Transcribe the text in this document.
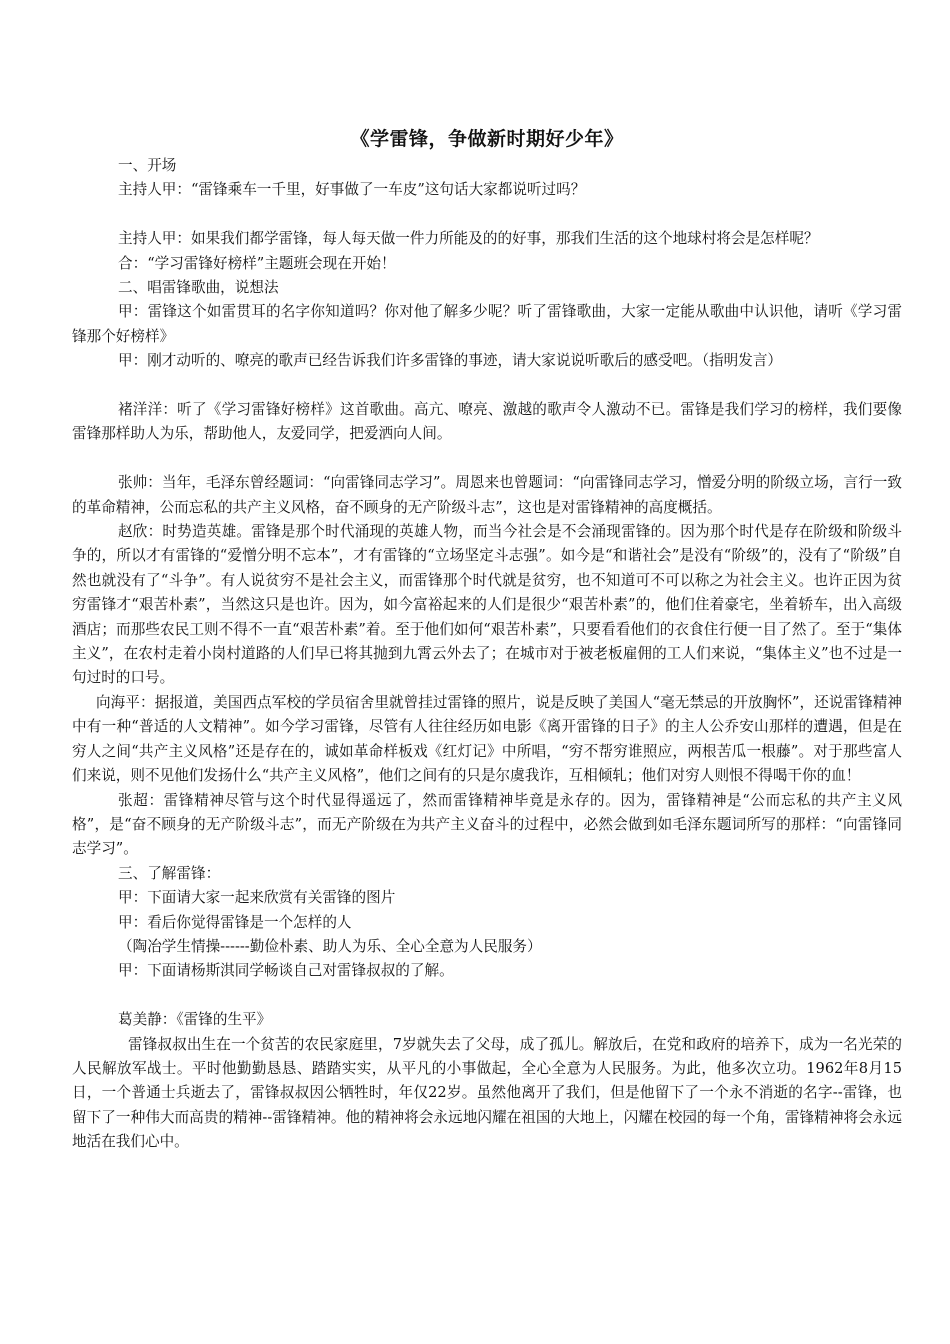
《学雷锋，争做新时期好少年》

一、开场

主持人甲：“雷锋乘车一千里，好事做了一车皮”这句话大家都说听过吗？

主持人甲：如果我们都学雷锋，每人每天做一件力所能及的的好事，那我们生活的这个地球村将会是怎样呢？

合：“学习雷锋好榜样”主题班会现在开始！

二、唱雷锋歌曲，说想法

甲：雷锋这个如雷贯耳的名字你知道吗？你对他了解多少呢？听了雷锋歌曲，大家一定能从歌曲中认识他，请听《学习雷锋那个好榜样》

甲：刚才动听的、嘹亮的歌声已经告诉我们许多雷锋的事迹，请大家说说听歌后的感受吧。（指明发言）

褚洋洋：听了《学习雷锋好榜样》这首歌曲。高亢、嘹亮、激越的歌声令人激动不已。雷锋是我们学习的榜样，我们要像雷锋那样助人为乐，帮助他人，友爱同学，把爱洒向人间。

张帅：当年，毛泽东曾经题词：“向雷锋同志学习”。周恩来也曾题词：“向雷锋同志学习，憎爱分明的阶级立场，言行一致的革命精神，公而忘私的共产主义风格，奋不顾身的无产阶级斗志”，这也是对雷锋精神的高度概括。

赵欣：时势造英雄。雷锋是那个时代涌现的英雄人物，而当今社会是不会涌现雷锋的。因为那个时代是存在阶级和阶级斗争的，所以才有雷锋的“爱憎分明不忘本”，才有雷锋的“立场坚定斗志强”。如今是“和谐社会”是没有“阶级”的，没有了“阶级”自然也就没有了“斗争”。有人说贫穷不是社会主义，而雷锋那个时代就是贫穷，也不知道可不可以称之为社会主义。也许正因为贫穷雷锋才“艰苦朴素”，当然这只是也许。因为，如今富裕起来的人们是很少“艰苦朴素”的，他们住着豪宅，坐着轿车，出入高级酒店；而那些农民工则不得不一直“艰苦朴素”着。至于他们如何“艰苦朴素”，只要看看他们的衣食住行便一目了然了。至于“集体主义”，在农村走着小岗村道路的人们早已将其抛到九霄云外去了；在城市对于被老板雇佣的工人们来说，“集体主义”也不过是一句过时的口号。

向海平：据报道，美国西点军校的学员宿舍里就曾挂过雷锋的照片，说是反映了美国人“毫无禁忌的开放胸怀”，还说雷锋精神中有一种“普适的人文精神”。如今学习雷锋，尽管有人往往经历如电影《离开雷锋的日子》的主人公乔安山那样的遭遇，但是在穷人之间“共产主义风格”还是存在的，诚如革命样板戏《红灯记》中所唱，“穷不帮穷谁照应，两根苦瓜一根藤”。对于那些富人们来说，则不见他们发扬什么“共产主义风格”，他们之间有的只是尔虞我诈，互相倾轧；他们对穷人则恨不得喝干你的血！

张超：雷锋精神尽管与这个时代显得遥远了，然而雷锋精神毕竟是永存的。因为，雷锋精神是“公而忘私的共产主义风格”，是“奋不顾身的无产阶级斗志”，而无产阶级在为共产主义奋斗的过程中，必然会做到如毛泽东题词所写的那样：“向雷锋同志学习”。

三、了解雷锋：

甲：下面请大家一起来欣赏有关雷锋的图片

甲：看后你觉得雷锋是一个怎样的人

（陶冶学生情操------勤俭朴素、助人为乐、全心全意为人民服务）

甲：下面请杨斯淇同学畅谈自己对雷锋叔叔的了解。

葛美静：《雷锋的生平》

雷锋叔叔出生在一个贫苦的农民家庭里，7岁就失去了父母，成了孤儿。解放后，在党和政府的培养下，成为一名光荣的人民解放军战士。平时他勤勤恳恳、踏踏实实，从平凡的小事做起，全心全意为人民服务。为此，他多次立功。1962年8月15日，一个普通士兵逝去了，雷锋叔叔因公牺牲时，年仅22岁。虽然他离开了我们，但是他留下了一个永不消逝的名字--雷锋，也留下了一种伟大而高贵的精神--雷锋精神。他的精神将会永远地闪耀在祖国的大地上，闪耀在校园的每一个角，雷锋精神将会永远地活在我们心中。
